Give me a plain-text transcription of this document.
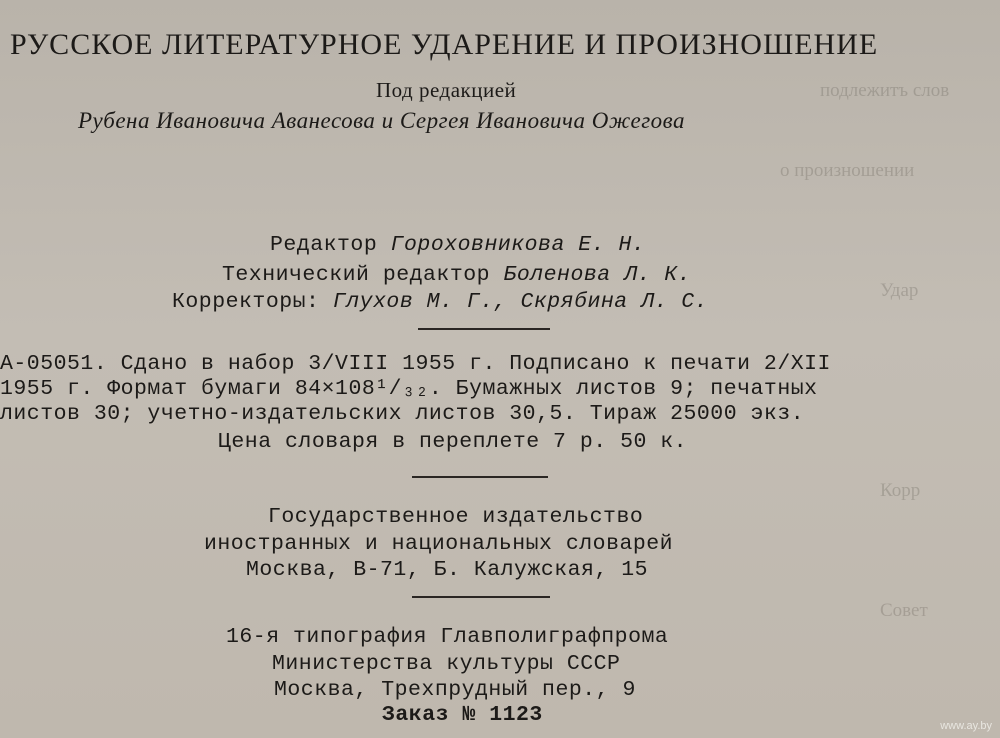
подлежитъ слов
о произношении
Удар
Корр
Совет
РУССКОЕ ЛИТЕРАТУРНОЕ УДАРЕНИЕ И ПРОИЗНОШЕНИЕ
Под редакцией
Рубена Ивановича Аванесова и Сергея Ивановича Ожегова
Редактор Гороховникова Е. Н.
Технический редактор Боленова Л. К.
Корректоры: Глухов М. Г., Скрябина Л. С.
А-05051. Сдано в набор 3/VIII 1955 г. Подписано к печати 2/XII
1955 г. Формат бумаги 84×108¹/₃₂. Бумажных листов 9; печатных
листов 30; учетно-издательских листов 30,5. Тираж 25000 экз.
Цена словаря в переплете 7 р. 50 к.
Государственное издательство
иностранных и национальных словарей
Москва, В-71, Б. Калужская, 15
16-я типография Главполиграфпрома
Министерства культуры СССР
Москва, Трехпрудный пер., 9
Заказ № 1123	www.ay.by
